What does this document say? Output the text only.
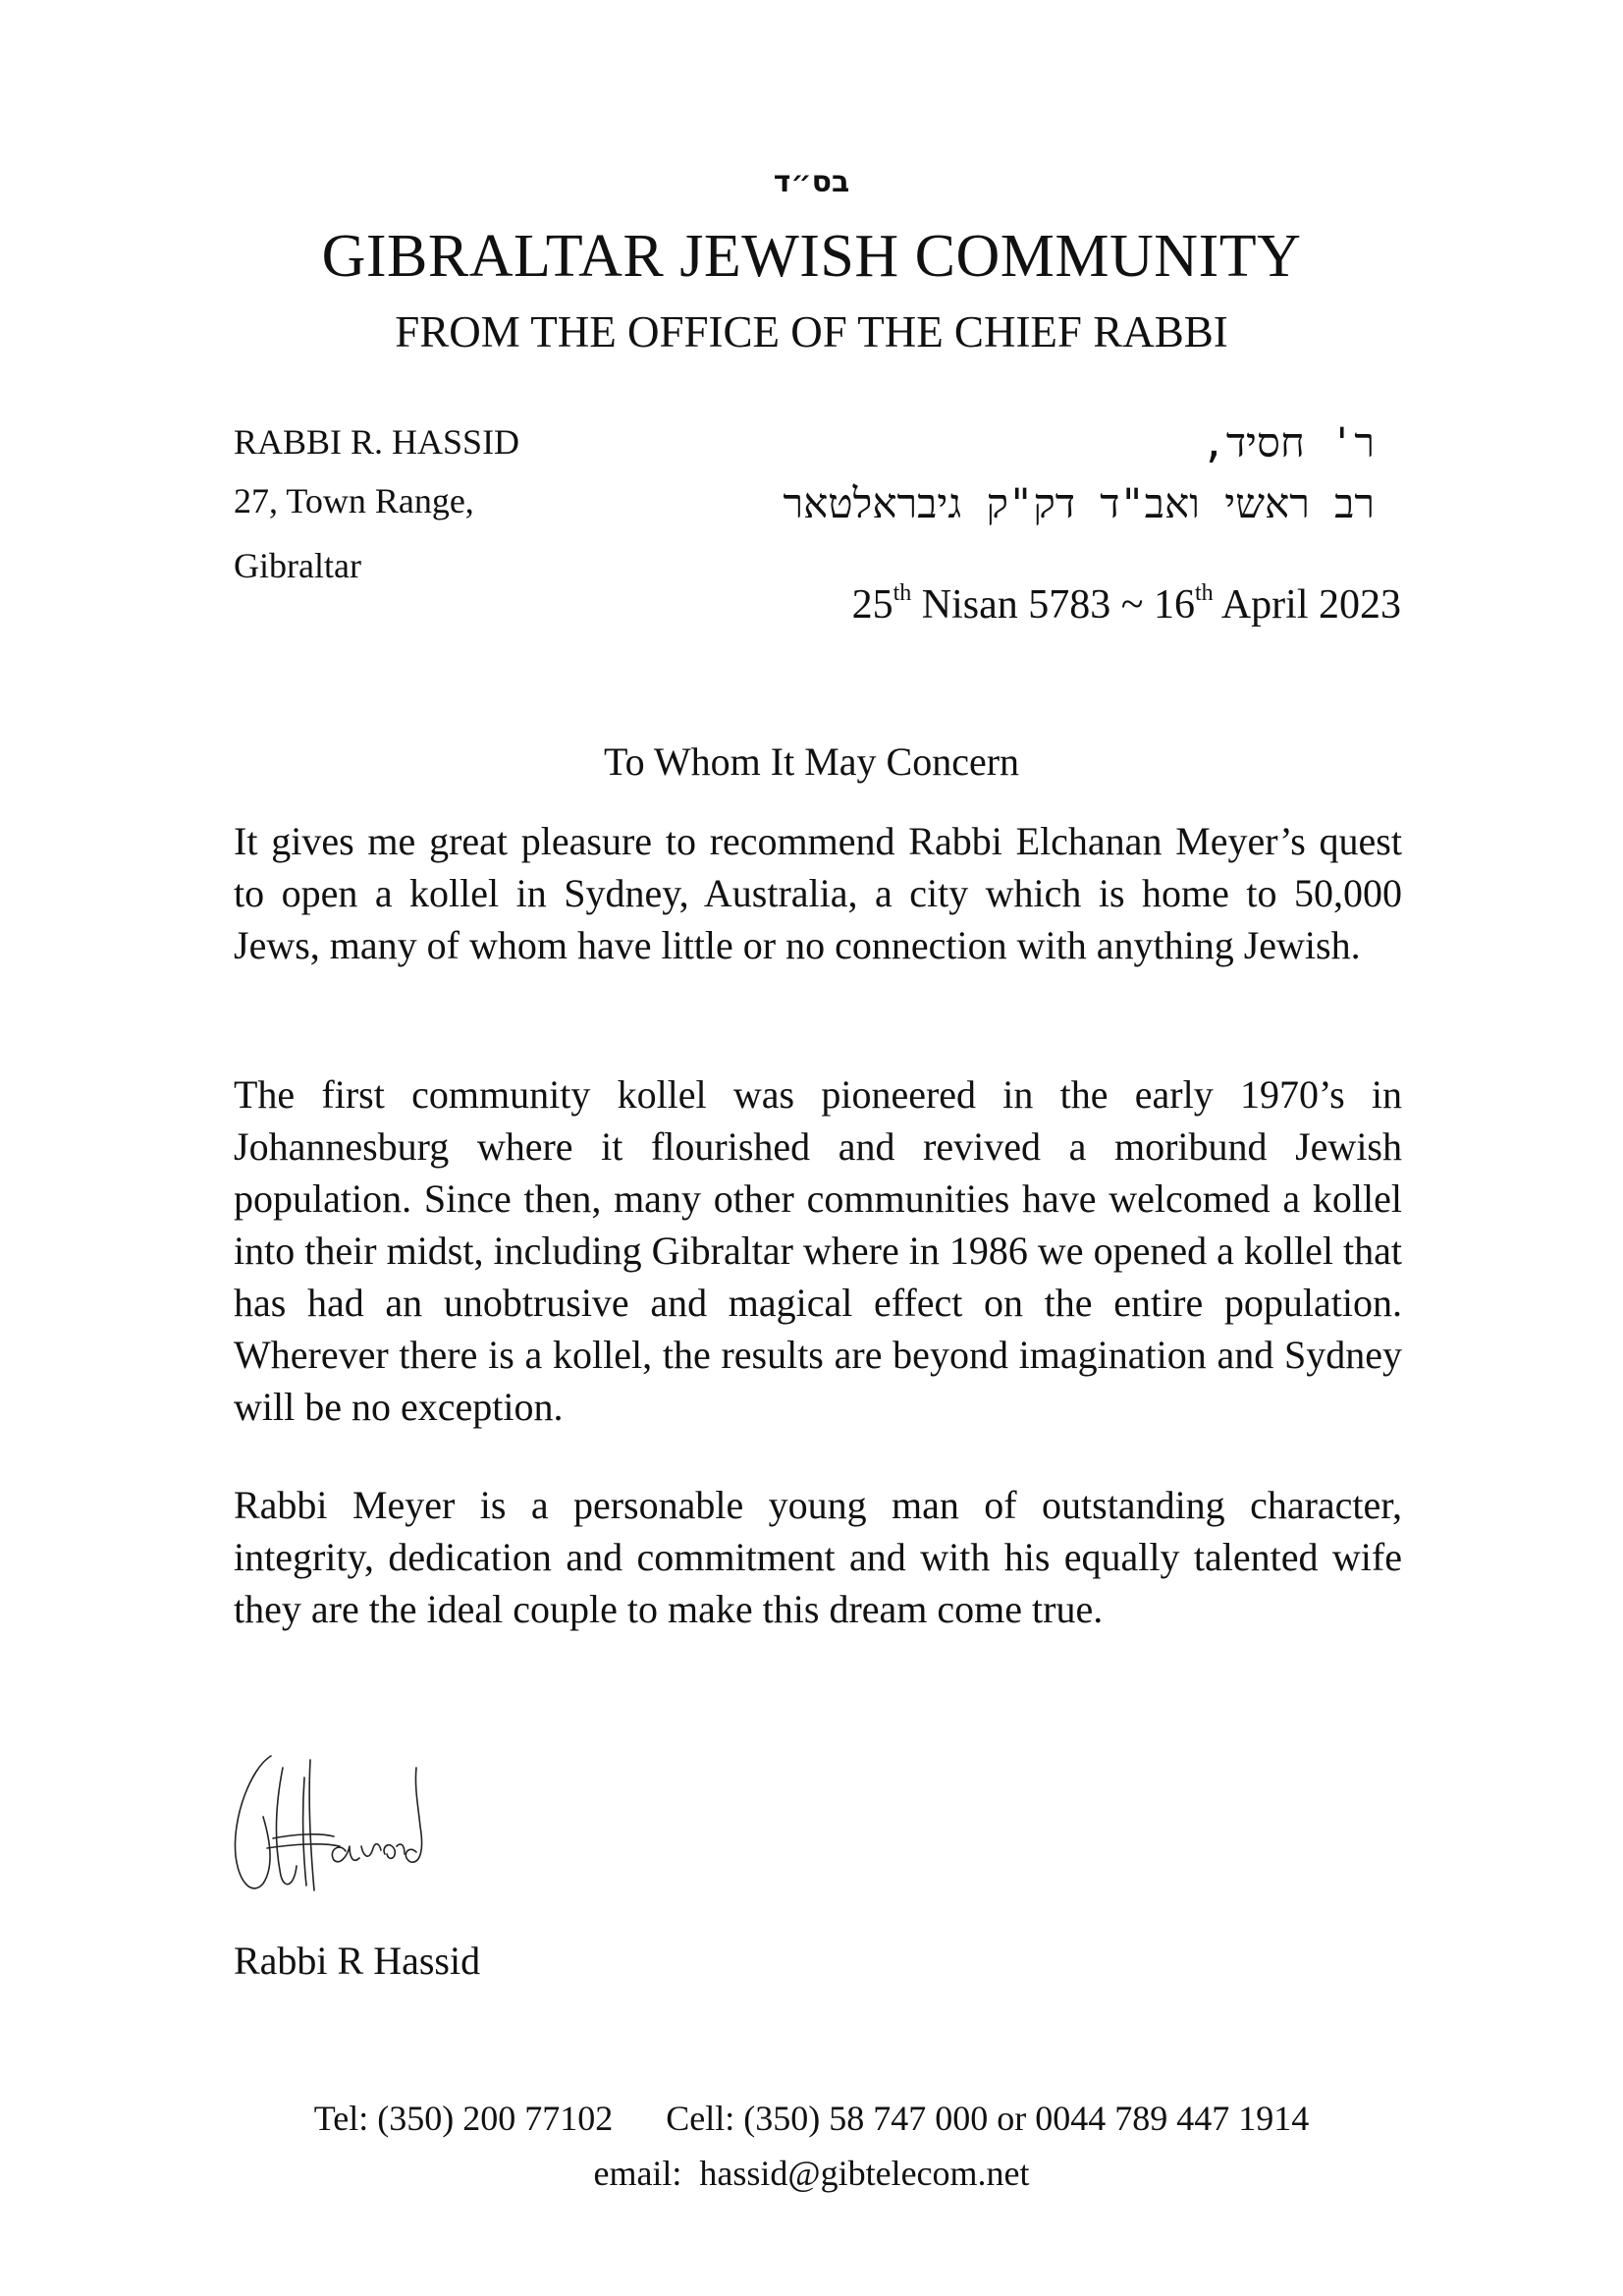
בס״ד
GIBRALTAR JEWISH COMMUNITY
FROM THE OFFICE OF THE CHIEF RABBI
RABBI R. HASSID
27, Town Range,
Gibraltar
ר' חסיד,
רב ראשי ואב"ד דק"ק גיבראלטאר
25th Nisan 5783 ~ 16th April 2023
To Whom It May Concern

It gives me great pleasure to recommend Rabbi Elchanan Meyer’s quest to open a kollel in Sydney, Australia, a city which is home to 50,000 Jews, many of whom have little or no connection with anything Jewish.

The first community kollel was pioneered in the early 1970’s in Johannesburg where it flourished and revived a moribund Jewish population. Since then, many other communities have welcomed a kollel into their midst, including Gibraltar where in 1986 we opened a kollel that has had an unobtrusive and magical effect on the entire population. Wherever there is a kollel, the results are beyond imagination and Sydney will be no exception.

Rabbi Meyer is a personable young man of outstanding character, integrity, dedication and commitment and with his equally talented wife they are the ideal couple to make this dream come true.

Rabbi R Hassid
Tel: (350) 200 77102      Cell: (350) 58 747 000 or 0044 789 447 1914
email:  hassid@gibtelecom.net
